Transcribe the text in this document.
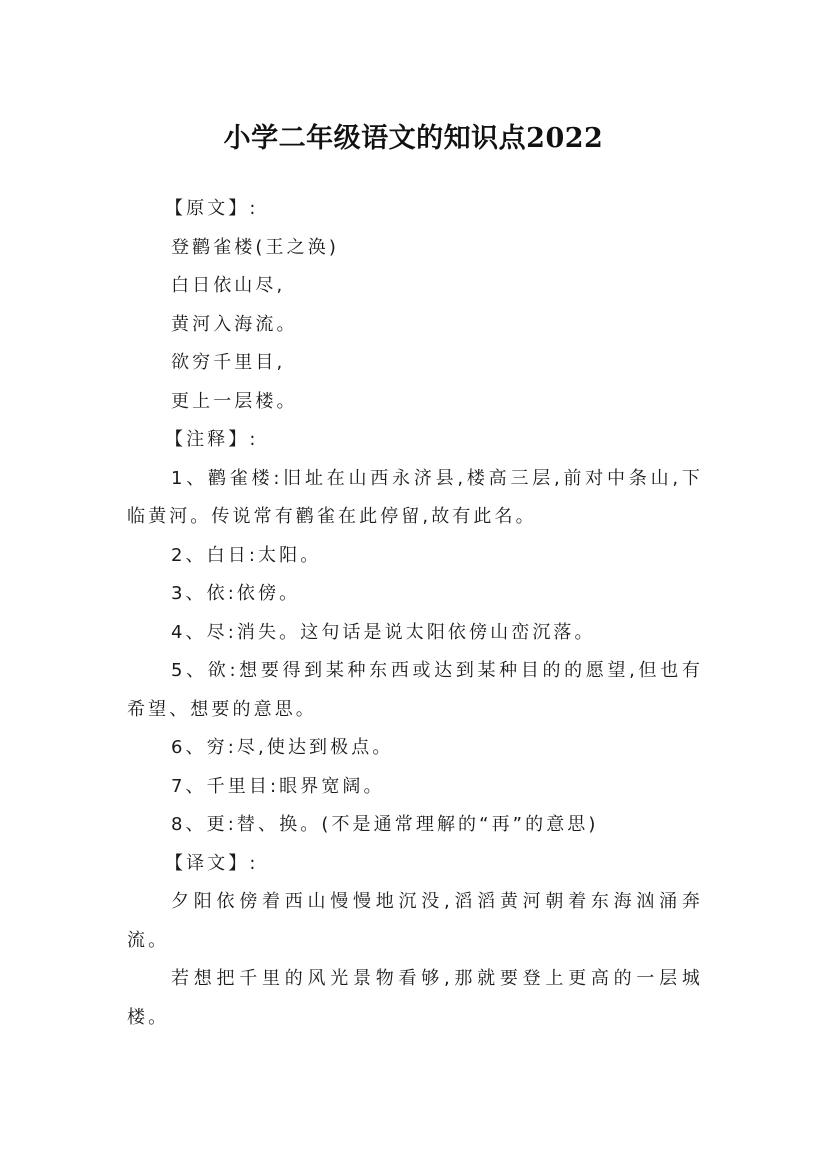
小学二年级语文的知识点2022

【原文】:

登鹳雀楼(王之涣)

白日依山尽,

黄河入海流。

欲穷千里目,

更上一层楼。

【注释】:

1、鹳雀楼:旧址在山西永济县,楼高三层,前对中条山,下临黄河。传说常有鹳雀在此停留,故有此名。

2、白日:太阳。

3、依:依傍。

4、尽:消失。这句话是说太阳依傍山峦沉落。

5、欲:想要得到某种东西或达到某种目的的愿望,但也有希望、想要的意思。

6、穷:尽,使达到极点。

7、千里目:眼界宽阔。

8、更:替、换。(不是通常理解的“再”的意思)

【译文】:

夕阳依傍着西山慢慢地沉没,滔滔黄河朝着东海汹涌奔流。

若想把千里的风光景物看够,那就要登上更高的一层城楼。
